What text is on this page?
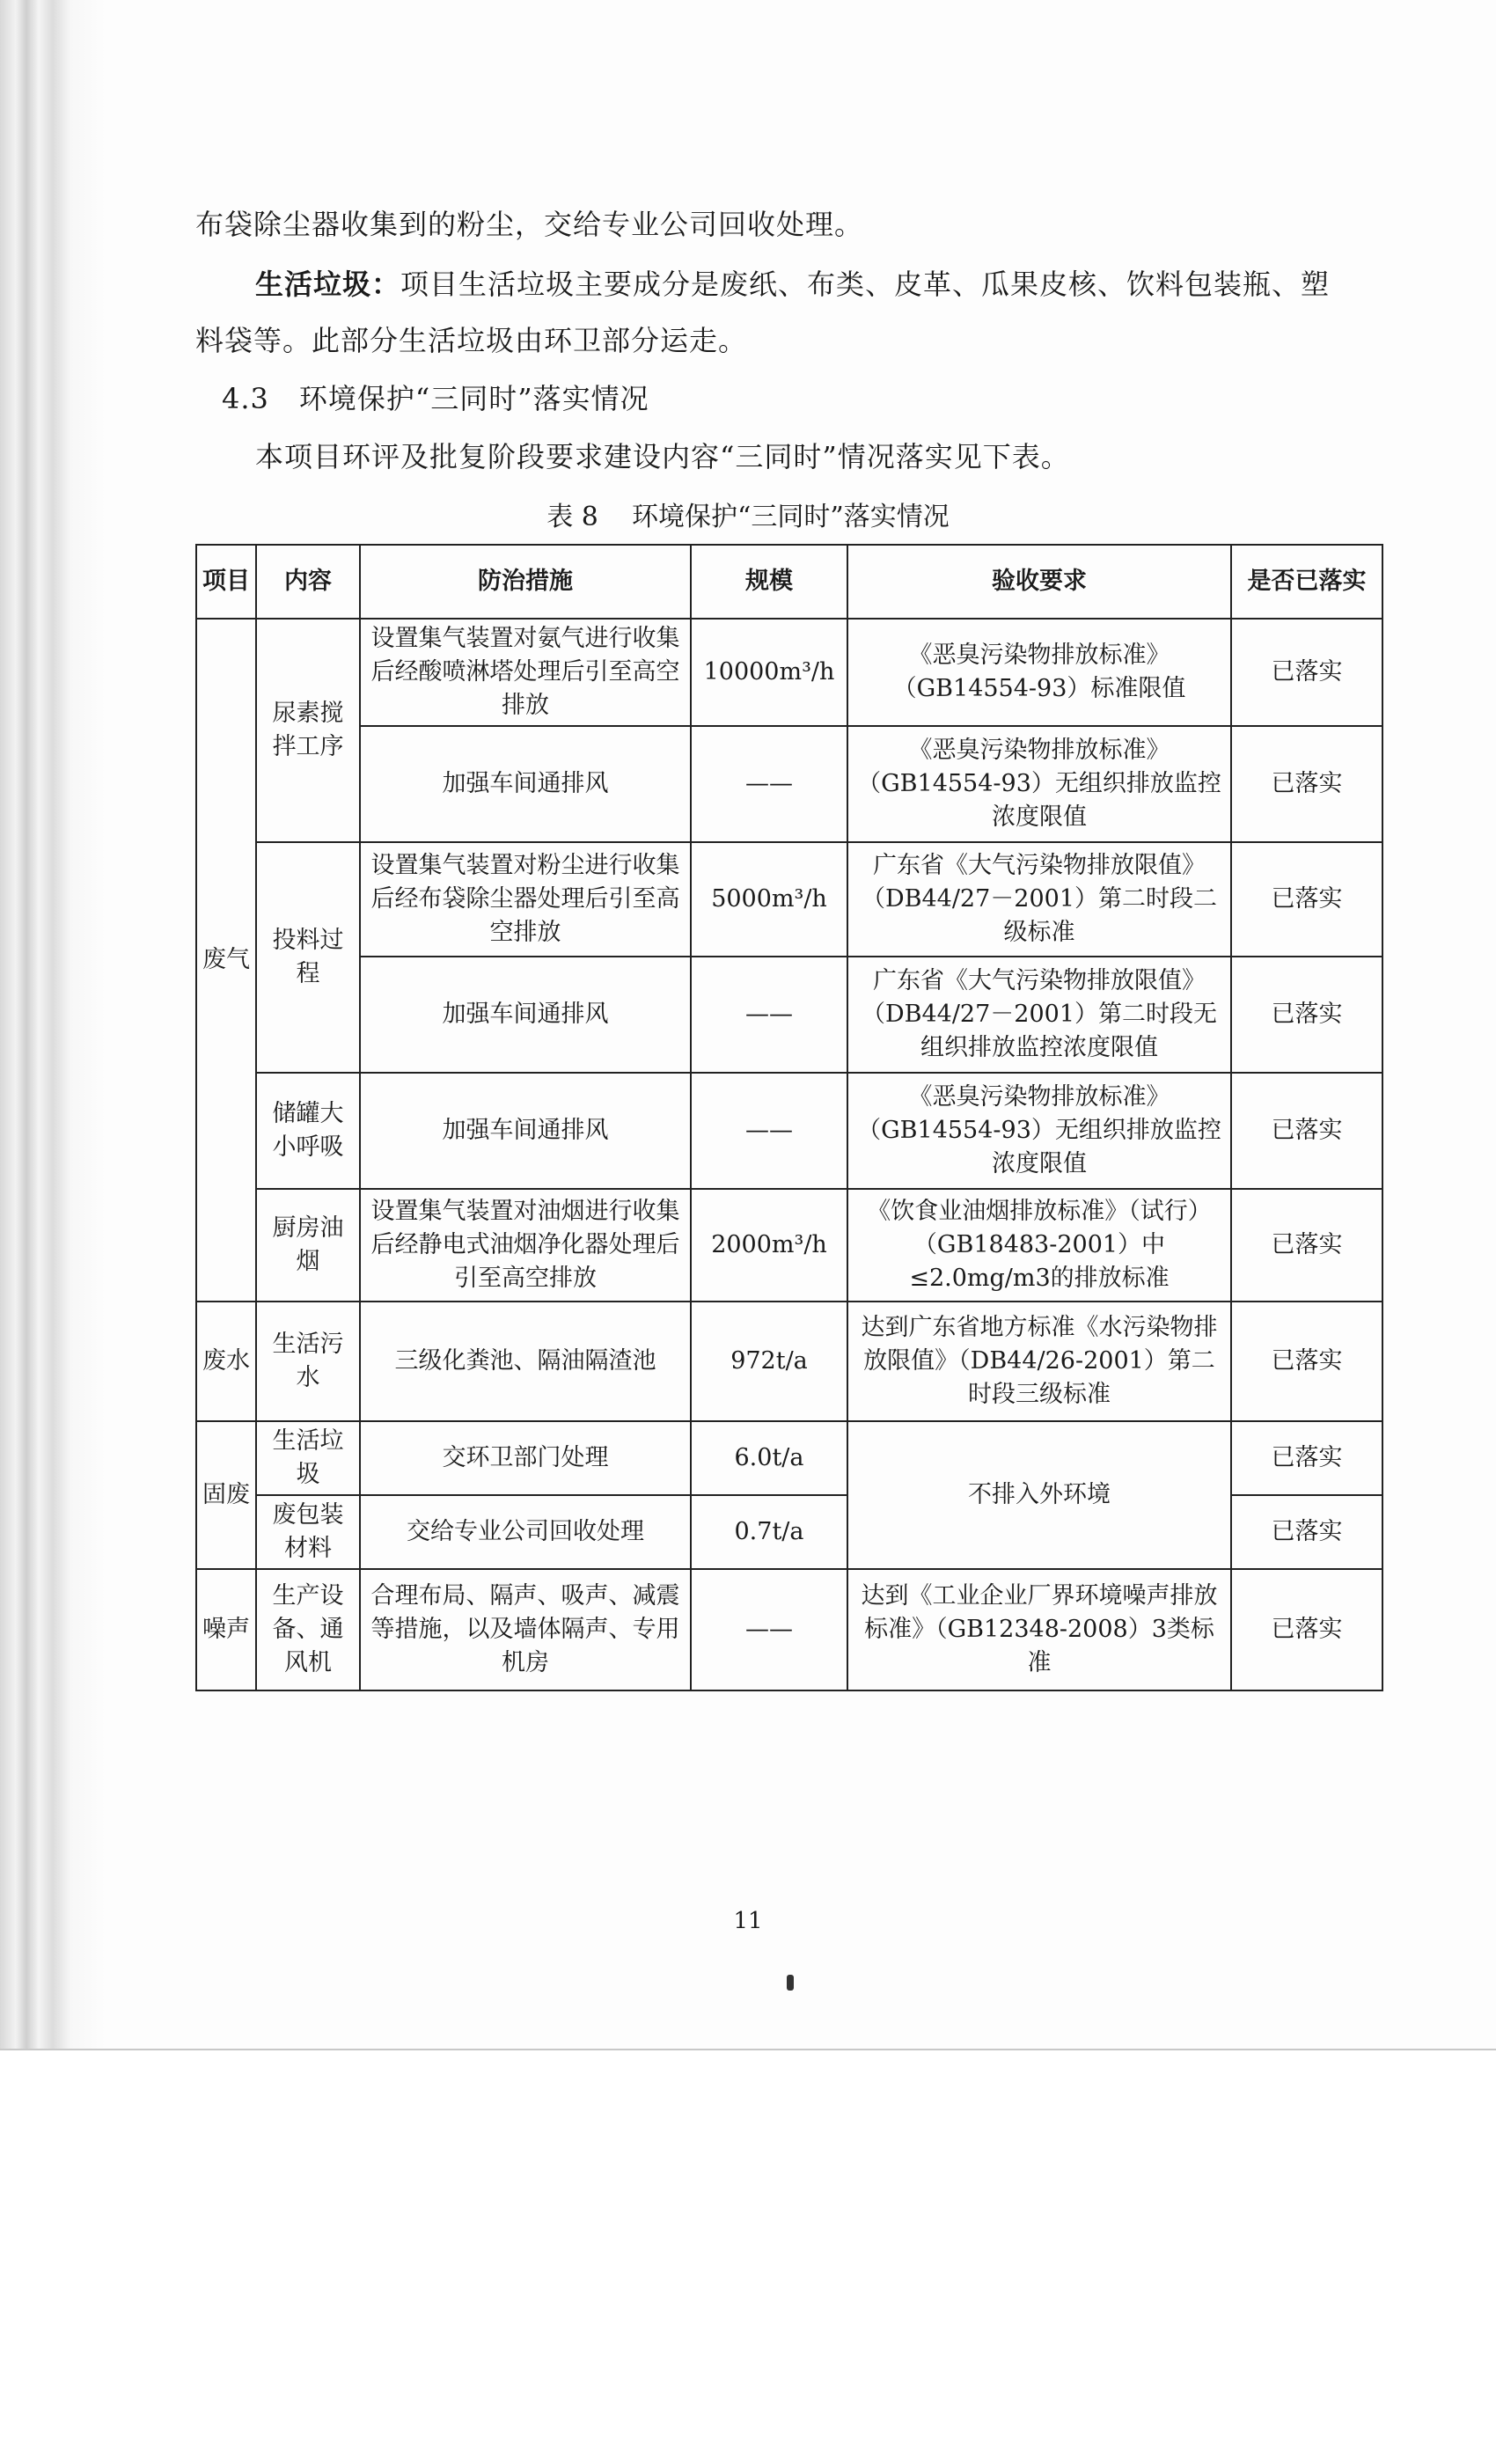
布袋除尘器收集到的粉尘，交给专业公司回收处理。
生活垃圾：项目生活垃圾主要成分是废纸、布类、皮革、瓜果皮核、饮料包装瓶、塑
料袋等。此部分生活垃圾由环卫部分运走。
4.3 环境保护“三同时”落实情况
本项目环评及批复阶段要求建设内容“三同时”情况落实见下表。
表 8    环境保护“三同时”落实情况
项目	内容	防治措施	规模	验收要求	是否已落实
废气	尿素搅拌工序	设置集气装置对氨气进行收集后经酸喷淋塔处理后引至高空排放	10000m³/h	《恶臭污染物排放标准》（GB14554-93）标准限值	已落实
		加强车间通排风	——	《恶臭污染物排放标准》（GB14554-93）无组织排放监控浓度限值	已落实
	投料过程	设置集气装置对粉尘进行收集后经布袋除尘器处理后引至高空排放	5000m³/h	广东省《大气污染物排放限值》（DB44/27－2001）第二时段二级标准	已落实
		加强车间通排风	——	广东省《大气污染物排放限值》（DB44/27－2001）第二时段无组织排放监控浓度限值	已落实
	储罐大小呼吸	加强车间通排风	——	《恶臭污染物排放标准》（GB14554-93）无组织排放监控浓度限值	已落实
	厨房油烟	设置集气装置对油烟进行收集后经静电式油烟净化器处理后引至高空排放	2000m³/h	《饮食业油烟排放标准》（试行）（GB18483-2001）中≤2.0mg/m3的排放标准	已落实
废水	生活污水	三级化粪池、隔油隔渣池	972t/a	达到广东省地方标准《水污染物排放限值》（DB44/26-2001）第二时段三级标准	已落实
固废	生活垃圾	交环卫部门处理	6.0t/a	不排入外环境	已落实
	废包装材料	交给专业公司回收处理	0.7t/a		已落实
噪声	生产设备、通风机	合理布局、隔声、吸声、减震等措施，以及墙体隔声、专用机房	——	达到《工业企业厂界环境噪声排放标准》（GB12348-2008）3类标准	已落实
11
